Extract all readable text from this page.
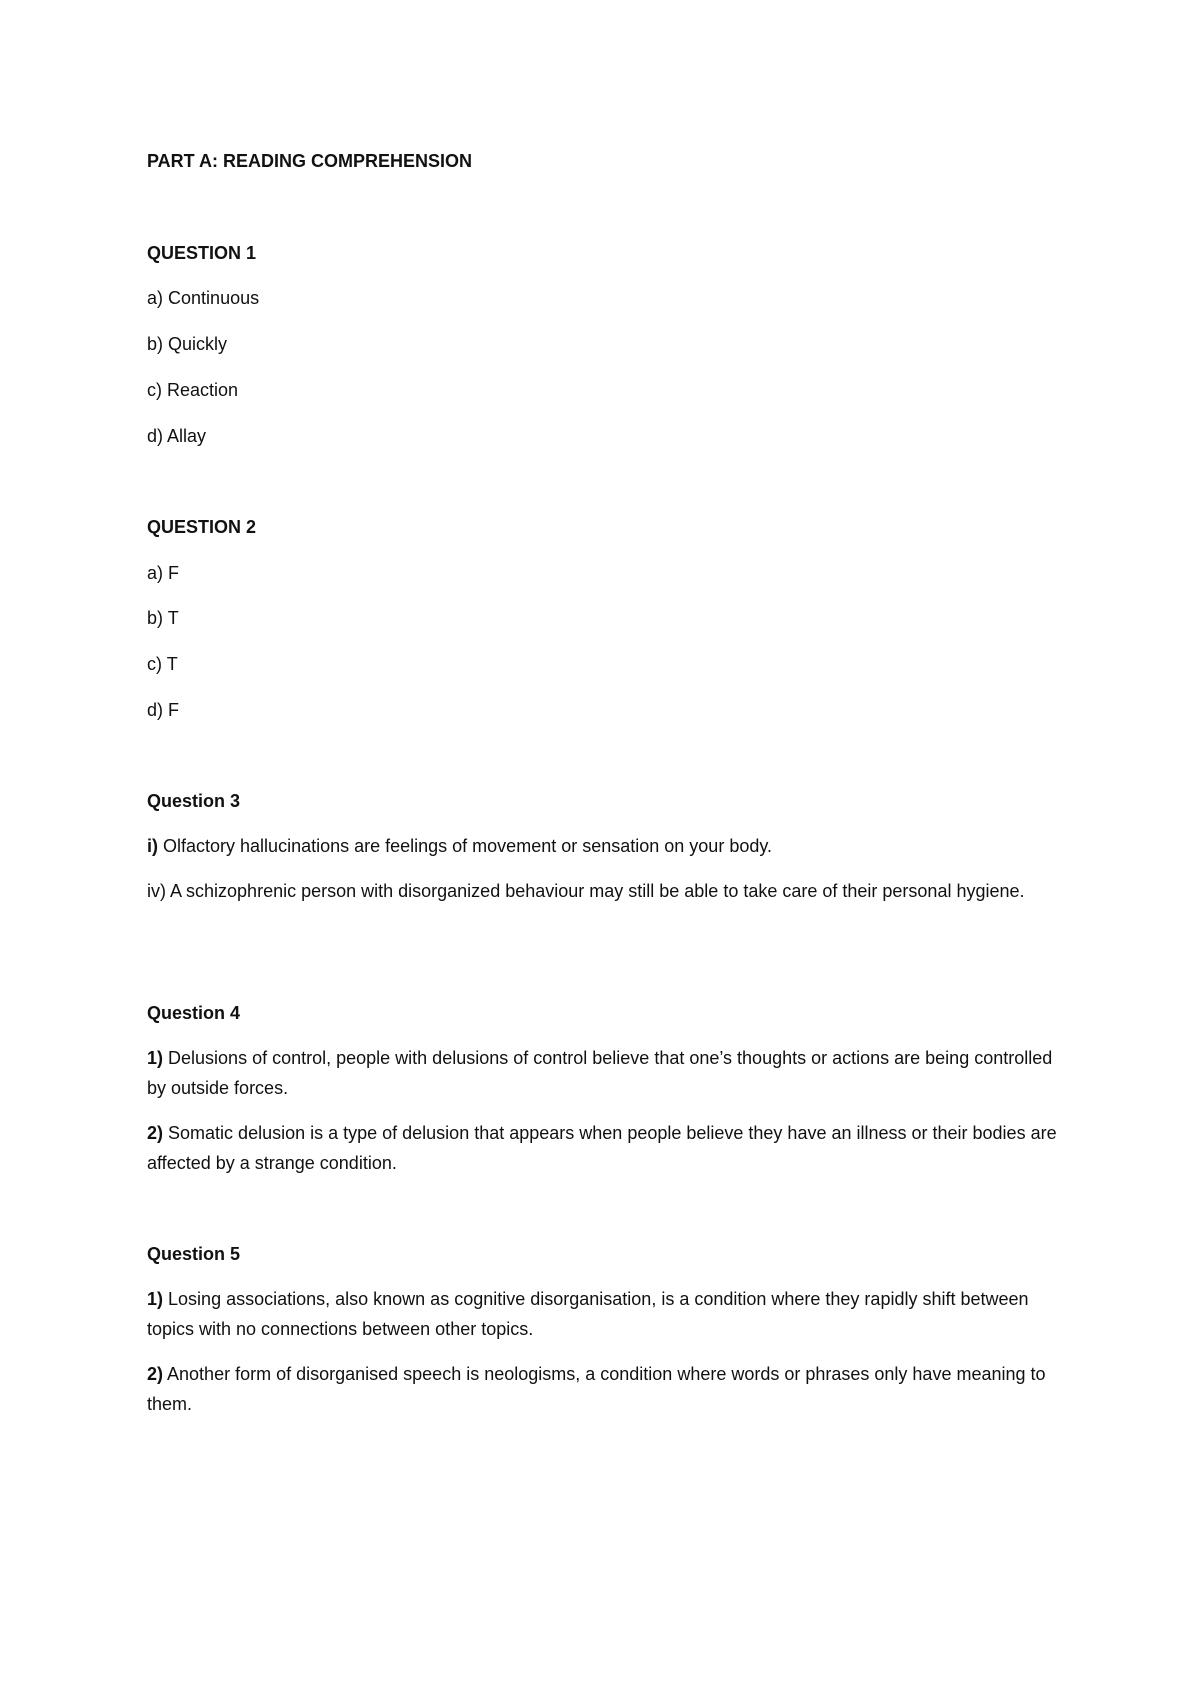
PART A: READING COMPREHENSION
QUESTION 1
a) Continuous
b) Quickly
c) Reaction
d) Allay
QUESTION 2
a) F
b) T
c) T
d) F
Question 3
i) Olfactory hallucinations are feelings of movement or sensation on your body.
iv) A schizophrenic person with disorganized behaviour may still be able to take care of their personal hygiene.
Question 4
1) Delusions of control, people with delusions of control believe that one’s thoughts or actions are being controlled by outside forces.
2) Somatic delusion is a type of delusion that appears when people believe they have an illness or their bodies are affected by a strange condition.
Question 5
1) Losing associations, also known as cognitive disorganisation, is a condition where they rapidly shift between topics with no connections between other topics.
2) Another form of disorganised speech is neologisms, a condition where words or phrases only have meaning to them.
